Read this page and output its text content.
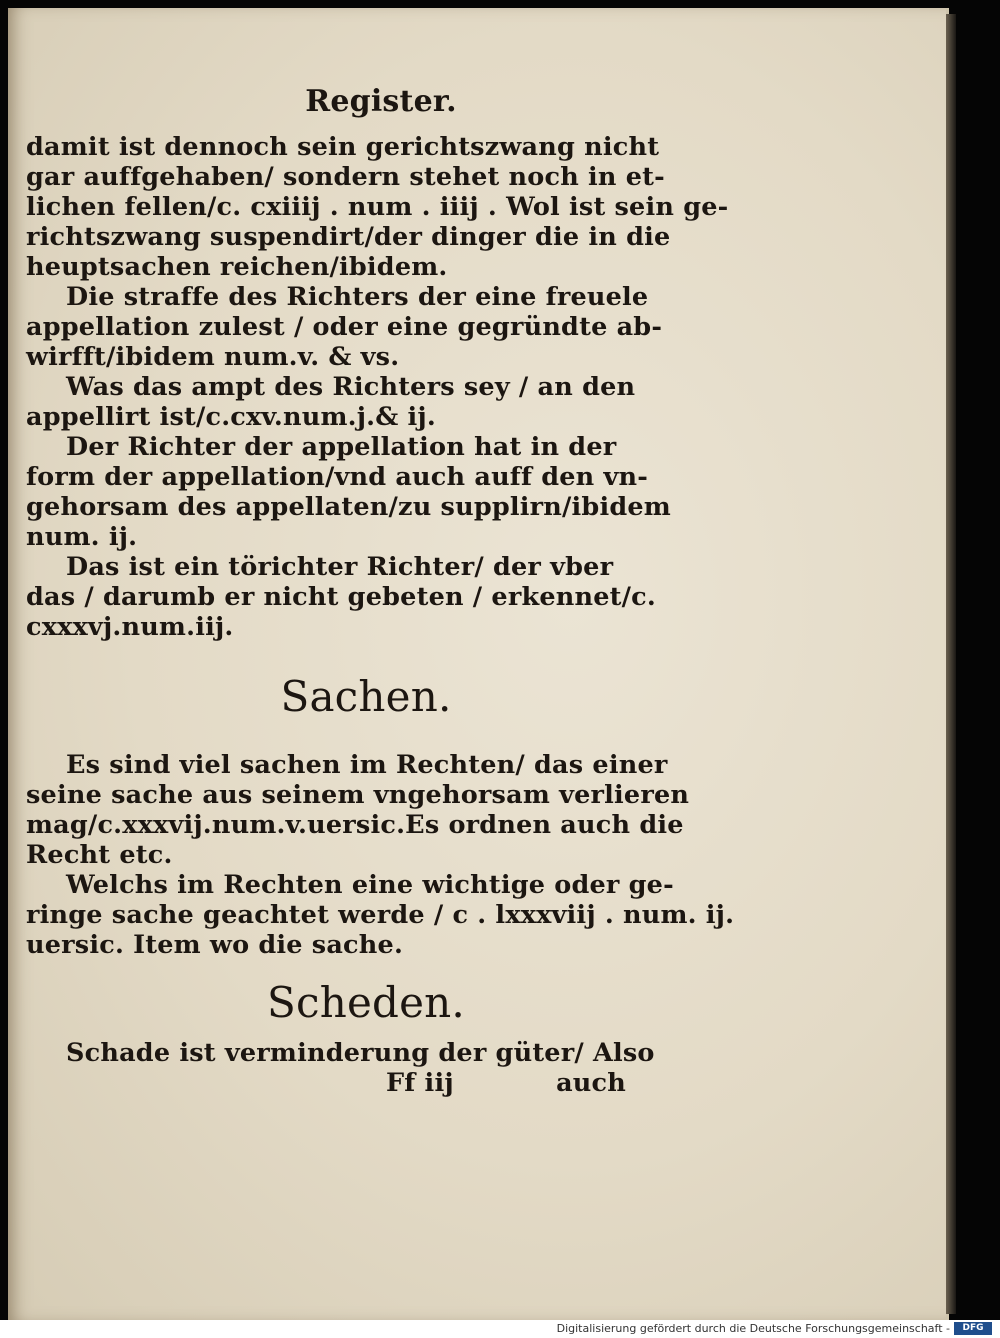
Register.
damit ist dennoch sein gerichtszwang nicht
gar auffgehaben/ sondern stehet noch in et-
lichen fellen/c. cxiiij . num . iiij . Wol ist sein ge-
richtszwang suspendirt/der dinger die in die
heuptsachen reichen/ibidem.
Die straffe des Richters der eine freuele
appellation zulest / oder eine gegründte ab-
wirfft/ibidem num.v. & vs.
Was das ampt des Richters sey / an den
appellirt ist/c.cxv.num.j.& ij.
Der Richter der appellation hat in der
form der appellation/vnd auch auff den vn-
gehorsam des appellaten/zu supplirn/ibidem
num. ij.
Das ist ein törichter Richter/ der vber
das / darumb er nicht gebeten / erkennet/c.
cxxxvj.num.iij.
Sachen.
Es sind viel sachen im Rechten/ das einer
seine sache aus seinem vngehorsam verlieren
mag/c.xxxvij.num.v.uersic.Es ordnen auch die
Recht etc.
Welchs im Rechten eine wichtige oder ge-
ringe sache geachtet werde / c . lxxxviij . num. ij.
uersic. Item wo die sache.
Scheden.
Schade ist verminderung der güter/ Also
Ff iij	auch
Digitalisierung gefördert durch die Deutsche Forschungsgemeinschaft -	DFG
